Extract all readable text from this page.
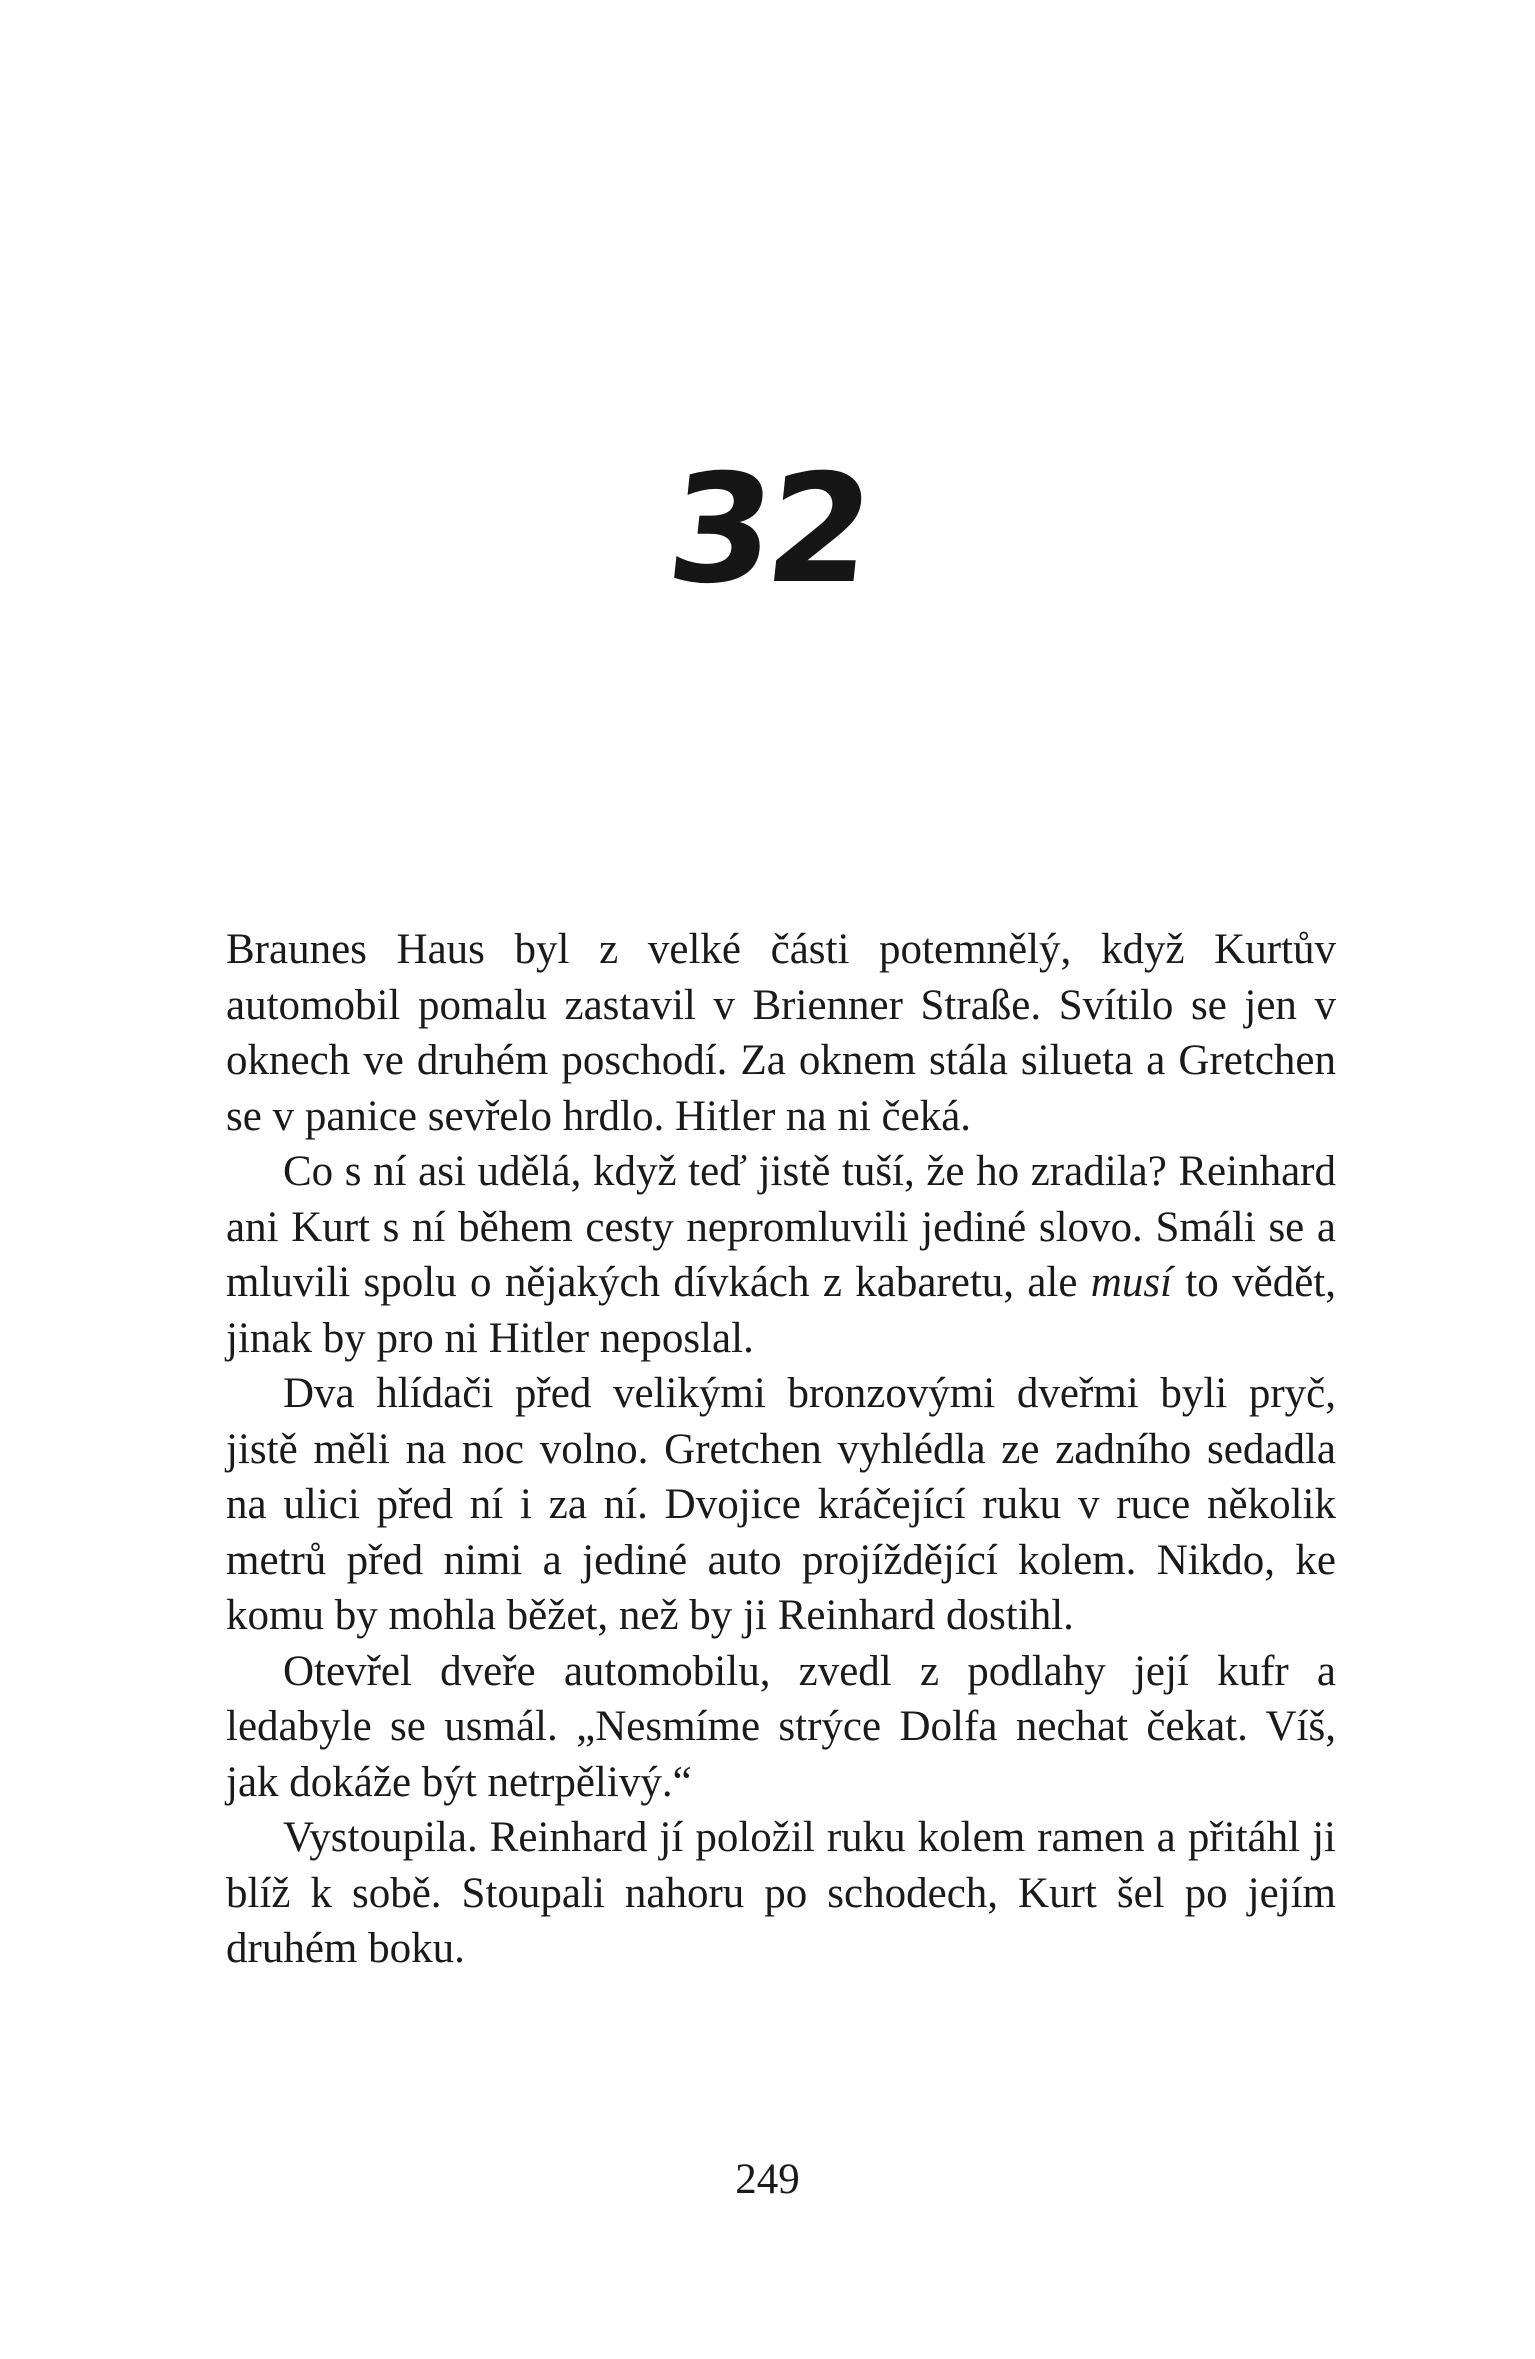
32

Braunes Haus byl z velké části potemnělý, když Kurtův automobil pomalu zastavil v Brienner Straße. Svítilo se jen v oknech ve druhém poschodí. Za oknem stála silueta a Gretchen se v panice sevřelo hrdlo. Hitler na ni čeká.

Co s ní asi udělá, když teď jistě tuší, že ho zradila? Reinhard ani Kurt s ní během cesty nepromluvili jediné slovo. Smáli se a mluvili spolu o nějakých dívkách z kabaretu, ale musí to vědět, jinak by pro ni Hitler neposlal.

Dva hlídači před velikými bronzovými dveřmi byli pryč, jistě měli na noc volno. Gretchen vyhlédla ze zadního sedadla na ulici před ní i za ní. Dvojice kráčející ruku v ruce několik metrů před nimi a jediné auto projíždějící kolem. Nikdo, ke komu by mohla běžet, než by ji Reinhard dostihl.

Otevřel dveře automobilu, zvedl z podlahy její kufr a ledabyle se usmál. „Nesmíme strýce Dolfa nechat čekat. Víš, jak dokáže být netrpělivý.“

Vystoupila. Reinhard jí položil ruku kolem ramen a přitáhl ji blíž k sobě. Stoupali nahoru po schodech, Kurt šel po jejím druhém boku.

249
